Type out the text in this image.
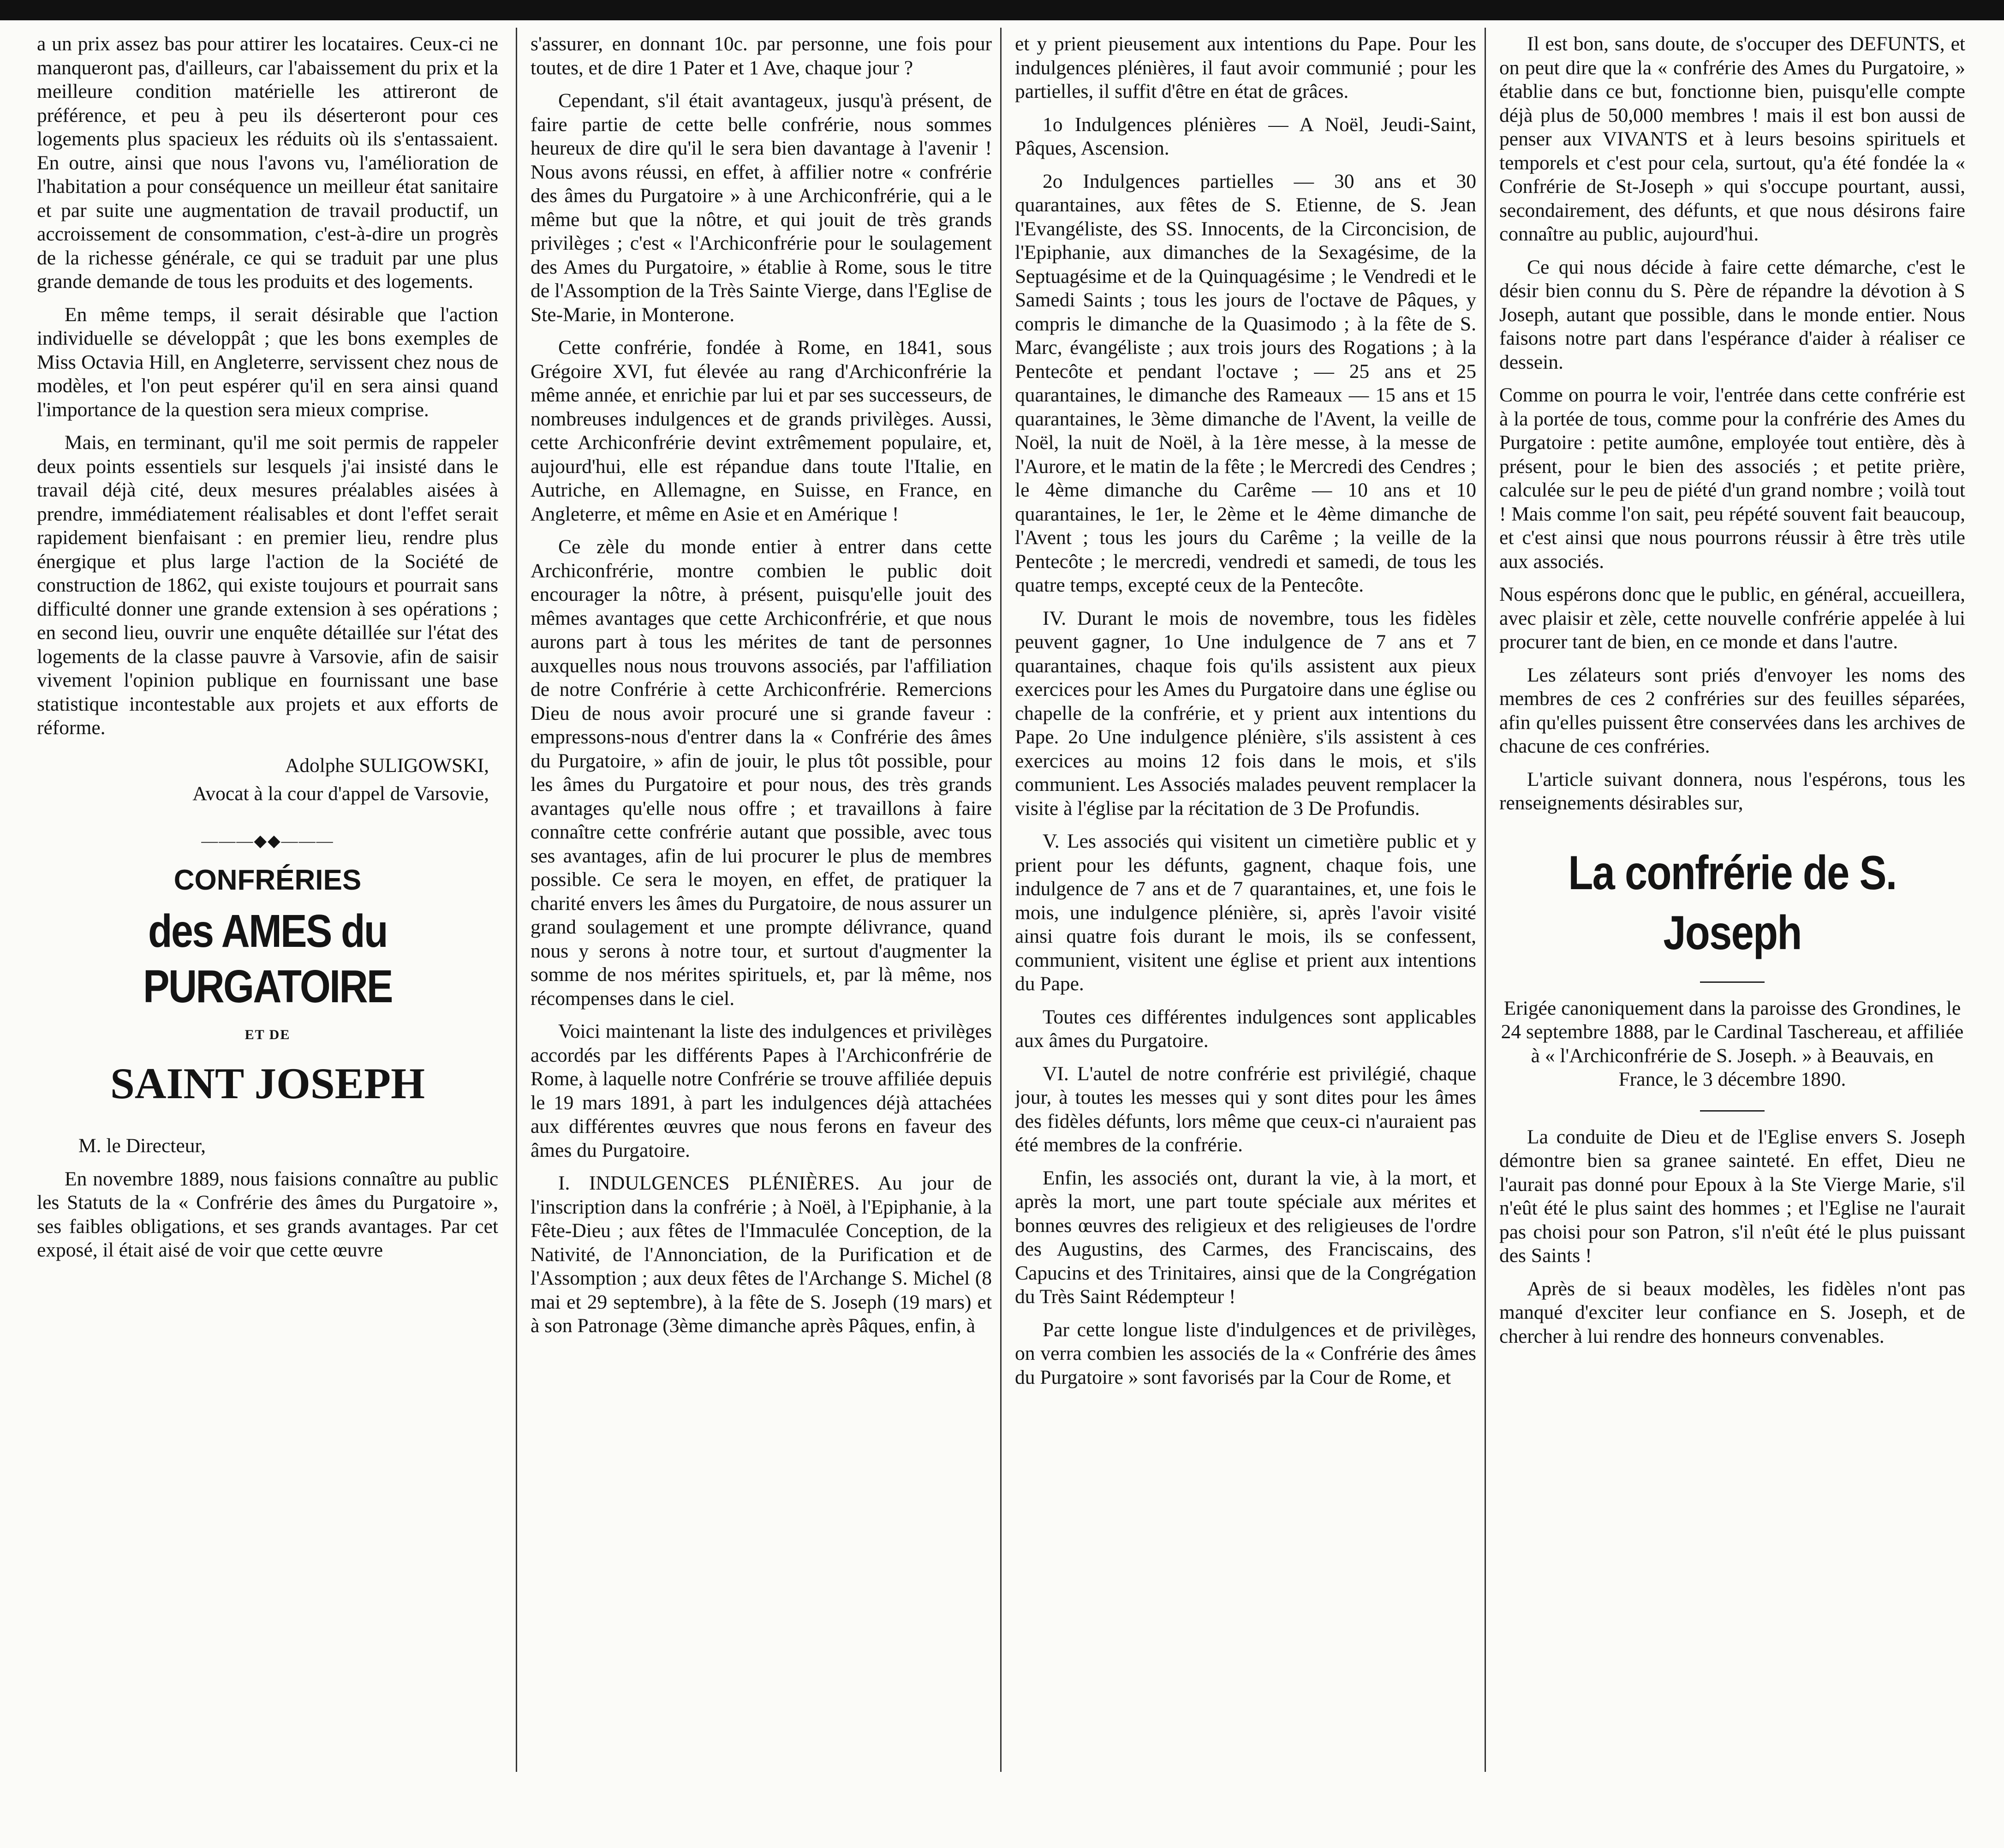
a un prix assez bas pour attirer les locataires. Ceux-ci ne manqueront pas, d'ailleurs, car l'abaissement du prix et la meilleure condition matérielle les attireront de préférence, et peu à peu ils déserteront pour ces logements plus spacieux les réduits où ils s'entassaient. En outre, ainsi que nous l'avons vu, l'amélioration de l'habitation a pour conséquence un meilleur état sanitaire et par suite une augmentation de travail productif, un accroissement de consommation, c'est-à-dire un progrès de la richesse générale, ce qui se traduit par une plus grande demande de tous les produits et des logements.

En même temps, il serait désirable que l'action individuelle se développât ; que les bons exemples de Miss Octavia Hill, en Angleterre, servissent chez nous de modèles, et l'on peut espérer qu'il en sera ainsi quand l'importance de la question sera mieux comprise.

Mais, en terminant, qu'il me soit permis de rappeler deux points essentiels sur lesquels j'ai insisté dans le travail déjà cité, deux mesures préalables aisées à prendre, immédiatement réalisables et dont l'effet serait rapidement bienfaisant : en premier lieu, rendre plus énergique et plus large l'action de la Société de construction de 1862, qui existe toujours et pourrait sans difficulté donner une grande extension à ses opérations ; en second lieu, ouvrir une enquête détaillée sur l'état des logements de la classe pauvre à Varsovie, afin de saisir vivement l'opinion publique en fournissant une base statistique incontestable aux projets et aux efforts de réforme.

Adolphe SULIGOWSKI,
Avocat à la cour d'appel de Varsovie,
———◆◆———
CONFRÉRIES
des AMES du PURGATOIRE
ET DE
SAINT JOSEPH
M. le Directeur,

En novembre 1889, nous faisions connaître au public les Statuts de la « Confrérie des âmes du Purgatoire », ses faibles obligations, et ses grands avantages. Par cet exposé, il était aisé de voir que cette œuvre

s'assurer, en donnant 10c. par personne, une fois pour toutes, et de dire 1 Pater et 1 Ave, chaque jour ?

Cependant, s'il était avantageux, jusqu'à présent, de faire partie de cette belle confrérie, nous sommes heureux de dire qu'il le sera bien davantage à l'avenir ! Nous avons réussi, en effet, à affilier notre « confrérie des âmes du Purgatoire » à une Archiconfrérie, qui a le même but que la nôtre, et qui jouit de très grands privilèges ; c'est « l'Archiconfrérie pour le soulagement des Ames du Purgatoire, » établie à Rome, sous le titre de l'Assomption de la Très Sainte Vierge, dans l'Eglise de Ste-Marie, in Monterone.

Cette confrérie, fondée à Rome, en 1841, sous Grégoire XVI, fut élevée au rang d'Archiconfrérie la même année, et enrichie par lui et par ses successeurs, de nombreuses indulgences et de grands privilèges. Aussi, cette Archiconfrérie devint extrêmement populaire, et, aujourd'hui, elle est répandue dans toute l'Italie, en Autriche, en Allemagne, en Suisse, en France, en Angleterre, et même en Asie et en Amérique !

Ce zèle du monde entier à entrer dans cette Archiconfrérie, montre combien le public doit encourager la nôtre, à présent, puisqu'elle jouit des mêmes avantages que cette Archiconfrérie, et que nous aurons part à tous les mérites de tant de personnes auxquelles nous nous trouvons associés, par l'affiliation de notre Confrérie à cette Archiconfrérie. Remercions Dieu de nous avoir procuré une si grande faveur : empressons-nous d'entrer dans la « Confrérie des âmes du Purgatoire, » afin de jouir, le plus tôt possible, pour les âmes du Purgatoire et pour nous, des très grands avantages qu'elle nous offre ; et travaillons à faire connaître cette confrérie autant que possible, avec tous ses avantages, afin de lui procurer le plus de membres possible. Ce sera le moyen, en effet, de pratiquer la charité envers les âmes du Purgatoire, de nous assurer un grand soulagement et une prompte délivrance, quand nous y serons à notre tour, et surtout d'augmenter la somme de nos mérites spirituels, et, par là même, nos récompenses dans le ciel.

Voici maintenant la liste des indulgences et privilèges accordés par les différents Papes à l'Archiconfrérie de Rome, à laquelle notre Confrérie se trouve affiliée depuis le 19 mars 1891, à part les indulgences déjà attachées aux différentes œuvres que nous ferons en faveur des âmes du Purgatoire.

I. INDULGENCES PLÉNIÈRES. Au jour de l'inscription dans la confrérie ; à Noël, à l'Epiphanie, à la Fête-Dieu ; aux fêtes de l'Immaculée Conception, de la Nativité, de l'Annonciation, de la Purification et de l'Assomption ; aux deux fêtes de l'Archange S. Michel (8 mai et 29 septembre), à la fête de S. Joseph (19 mars) et à son Patronage (3ème dimanche après Pâques, enfin, à

et y prient pieusement aux intentions du Pape. Pour les indulgences plénières, il faut avoir communié ; pour les partielles, il suffit d'être en état de grâces.

1o Indulgences plénières — A Noël, Jeudi-Saint, Pâques, Ascension.

2o Indulgences partielles — 30 ans et 30 quarantaines, aux fêtes de S. Etienne, de S. Jean l'Evangéliste, des SS. Innocents, de la Circoncision, de l'Epiphanie, aux dimanches de la Sexagésime, de la Septuagésime et de la Quinquagésime ; le Vendredi et le Samedi Saints ; tous les jours de l'octave de Pâques, y compris le dimanche de la Quasimodo ; à la fête de S. Marc, évangéliste ; aux trois jours des Rogations ; à la Pentecôte et pendant l'octave ; — 25 ans et 25 quarantaines, le dimanche des Rameaux — 15 ans et 15 quarantaines, le 3ème dimanche de l'Avent, la veille de Noël, la nuit de Noël, à la 1ère messe, à la messe de l'Aurore, et le matin de la fête ; le Mercredi des Cendres ; le 4ème dimanche du Carême — 10 ans et 10 quarantaines, le 1er, le 2ème et le 4ème dimanche de l'Avent ; tous les jours du Carême ; la veille de la Pentecôte ; le mercredi, vendredi et samedi, de tous les quatre temps, excepté ceux de la Pentecôte.

IV. Durant le mois de novembre, tous les fidèles peuvent gagner, 1o Une indulgence de 7 ans et 7 quarantaines, chaque fois qu'ils assistent aux pieux exercices pour les Ames du Purgatoire dans une église ou chapelle de la confrérie, et y prient aux intentions du Pape. 2o Une indulgence plénière, s'ils assistent à ces exercices au moins 12 fois dans le mois, et s'ils communient. Les Associés malades peuvent remplacer la visite à l'église par la récitation de 3 De Profundis.

V. Les associés qui visitent un cimetière public et y prient pour les défunts, gagnent, chaque fois, une indulgence de 7 ans et de 7 quarantaines, et, une fois le mois, une indulgence plénière, si, après l'avoir visité ainsi quatre fois durant le mois, ils se confessent, communient, visitent une église et prient aux intentions du Pape.

Toutes ces différentes indulgences sont applicables aux âmes du Purgatoire.

VI. L'autel de notre confrérie est privilégié, chaque jour, à toutes les messes qui y sont dites pour les âmes des fidèles défunts, lors même que ceux-ci n'auraient pas été membres de la confrérie.

Enfin, les associés ont, durant la vie, à la mort, et après la mort, une part toute spéciale aux mérites et bonnes œuvres des religieux et des religieuses de l'ordre des Augustins, des Carmes, des Franciscains, des Capucins et des Trinitaires, ainsi que de la Congrégation du Très Saint Rédempteur !

Par cette longue liste d'indulgences et de privilèges, on verra combien les associés de la « Confrérie des âmes du Purgatoire » sont favorisés par la Cour de Rome, et

Il est bon, sans doute, de s'occuper des DEFUNTS, et on peut dire que la « confrérie des Ames du Purgatoire, » établie dans ce but, fonctionne bien, puisqu'elle compte déjà plus de 50,000 membres ! mais il est bon aussi de penser aux VIVANTS et à leurs besoins spirituels et temporels et c'est pour cela, surtout, qu'a été fondée la « Confrérie de St-Joseph » qui s'occupe pourtant, aussi, secondairement, des défunts, et que nous désirons faire connaître au public, aujourd'hui.

Ce qui nous décide à faire cette démarche, c'est le désir bien connu du S. Père de répandre la dévotion à S Joseph, autant que possible, dans le monde entier. Nous faisons notre part dans l'espérance d'aider à réaliser ce dessein.

Comme on pourra le voir, l'entrée dans cette confrérie est à la portée de tous, comme pour la confrérie des Ames du Purgatoire : petite aumône, employée tout entière, dès à présent, pour le bien des associés ; et petite prière, calculée sur le peu de piété d'un grand nombre ; voilà tout ! Mais comme l'on sait, peu répété souvent fait beaucoup, et c'est ainsi que nous pourrons réussir à être très utile aux associés.

Nous espérons donc que le public, en général, accueillera, avec plaisir et zèle, cette nouvelle confrérie appelée à lui procurer tant de bien, en ce monde et dans l'autre.

Les zélateurs sont priés d'envoyer les noms des membres de ces 2 confréries sur des feuilles séparées, afin qu'elles puissent être conservées dans les archives de chacune de ces confréries.

L'article suivant donnera, nous l'espérons, tous les renseignements désirables sur,

La confrérie de S. Joseph
Erigée canoniquement dans la paroisse des Grondines, le 24 septembre 1888, par le Cardinal Taschereau, et affiliée à « l'Archiconfrérie de S. Joseph. » à Beauvais, en France, le 3 décembre 1890.

La conduite de Dieu et de l'Eglise envers S. Joseph démontre bien sa granee sainteté. En effet, Dieu ne l'aurait pas donné pour Epoux à la Ste Vierge Marie, s'il n'eût été le plus saint des hommes ; et l'Eglise ne l'aurait pas choisi pour son Patron, s'il n'eût été le plus puissant des Saints !

Après de si beaux modèles, les fidèles n'ont pas manqué d'exciter leur confiance en S. Joseph, et de chercher à lui rendre des honneurs convenables.
